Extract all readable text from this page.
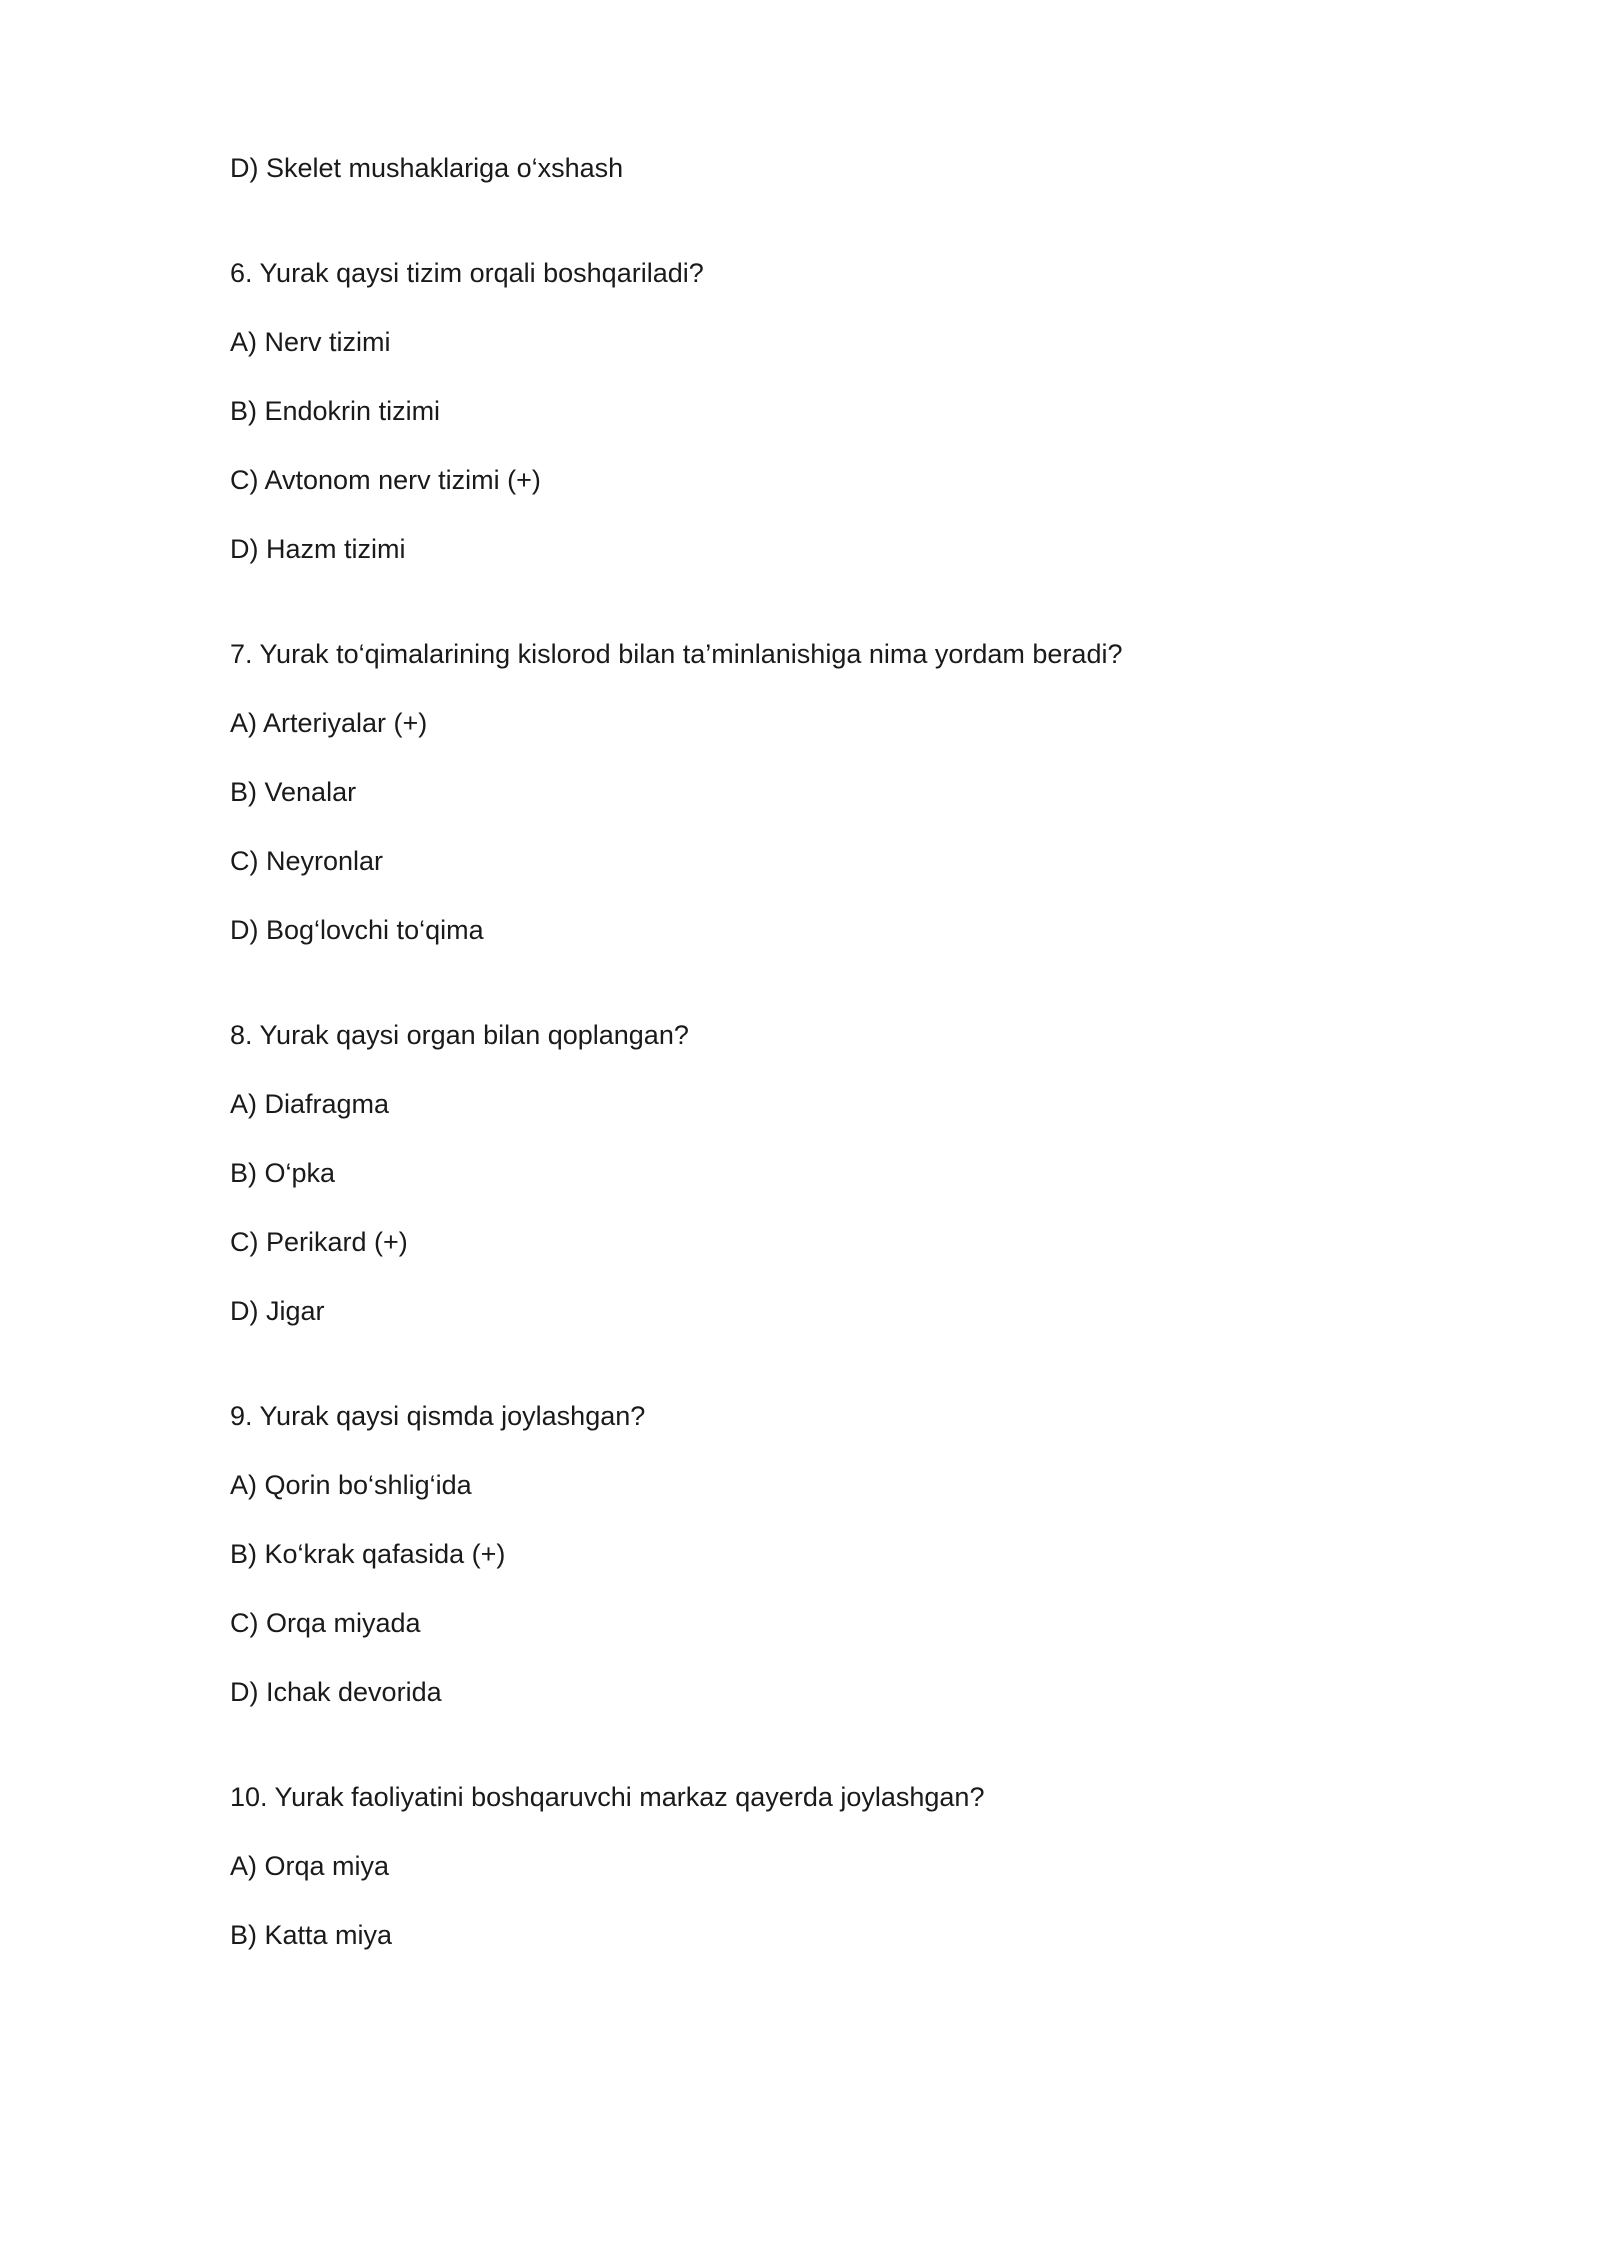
D) Skelet mushaklariga o‘xshash
6. Yurak qaysi tizim orqali boshqariladi?
A) Nerv tizimi
B) Endokrin tizimi
C) Avtonom nerv tizimi (+)
D) Hazm tizimi
7. Yurak to‘qimalarining kislorod bilan ta’minlanishiga nima yordam beradi?
A) Arteriyalar (+)
B) Venalar
C) Neyronlar
D) Bog‘lovchi to‘qima
8. Yurak qaysi organ bilan qoplangan?
A) Diafragma
B) O‘pka
C) Perikard (+)
D) Jigar
9. Yurak qaysi qismda joylashgan?
A) Qorin bo‘shlig‘ida
B) Ko‘krak qafasida (+)
C) Orqa miyada
D) Ichak devorida
10. Yurak faoliyatini boshqaruvchi markaz qayerda joylashgan?
A) Orqa miya
B) Katta miya
